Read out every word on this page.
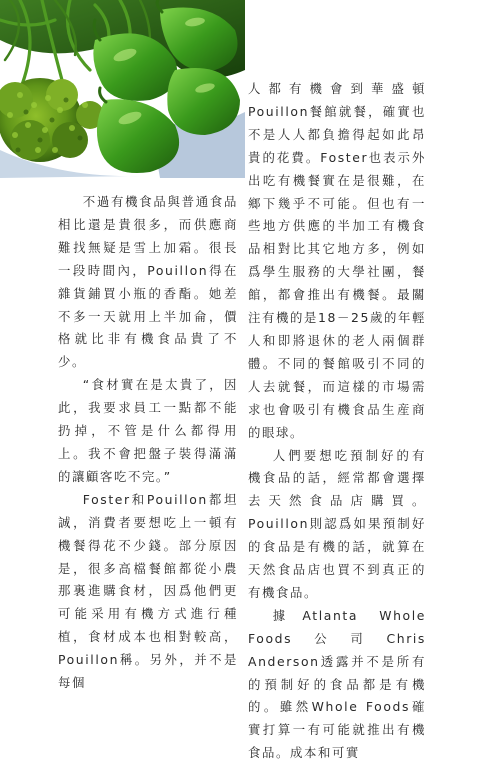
不過有機食品與普通食品相比還是貴很多，而供應商難找無疑是雪上加霜。很長一段時間內，Pouillon得在雜貨鋪買小瓶的香酯。她差不多一天就用上半加侖，價格就比非有機食品貴了不少。

“食材實在是太貴了，因此，我要求員工一點都不能扔掉，不管是什么都得用上。我不會把盤子裝得滿滿的讓顧客吃不完。”

Foster和Pouillon都坦誠，消費者要想吃上一頓有機餐得花不少錢。部分原因是，很多高檔餐館都從小農那裏進購食材，因爲他們更可能采用有機方式進行種植，食材成本也相對較高，Pouillon稱。另外，并不是每個

人都有機會到華盛頓Pouillon餐館就餐，確實也不是人人都負擔得起如此昂貴的花費。Foster也表示外出吃有機餐實在是很難，在鄉下幾乎不可能。但也有一些地方供應的半加工有機食品相對比其它地方多，例如爲學生服務的大學社團，餐館，都會推出有機餐。最關注有機的是18－25歲的年輕人和即將退休的老人兩個群體。不同的餐館吸引不同的人去就餐，而這樣的市場需求也會吸引有機食品生産商的眼球。

人們要想吃預制好的有機食品的話，經常都會選擇去天然食品店購買。Pouillon則認爲如果預制好的食品是有機的話，就算在天然食品店也買不到真正的有機食品。

據Atlanta Whole Foods公司Chris Anderson透露并不是所有的預制好的食品都是有機的。雖然Whole Foods確實打算一有可能就推出有機食品。成本和可實
